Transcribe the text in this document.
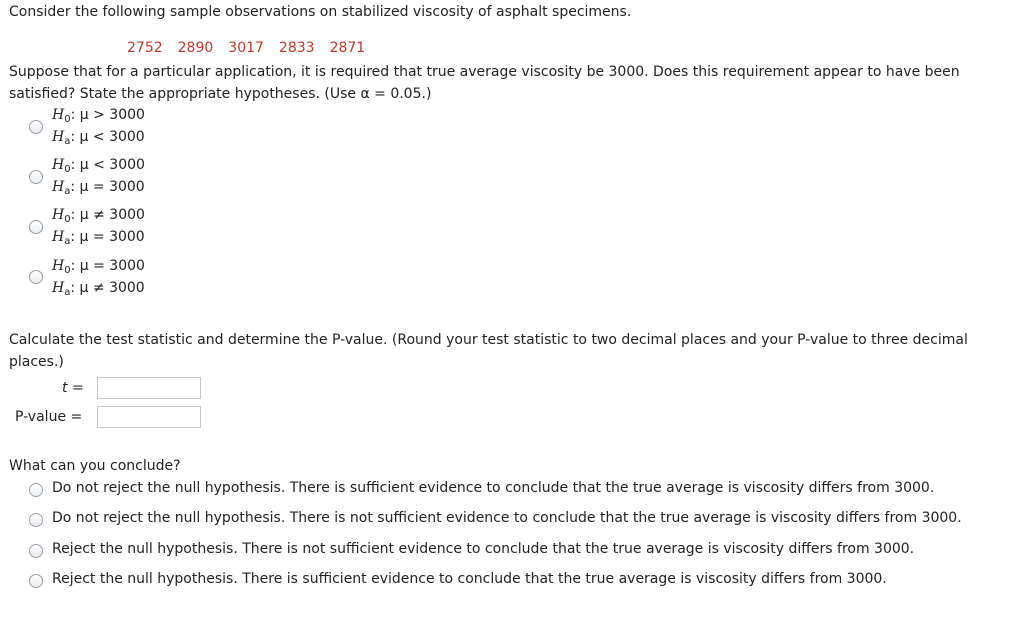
Consider the following sample observations on stabilized viscosity of asphalt specimens.
2752 2890 3017 2833 2871
Suppose that for a particular application, it is required that true average viscosity be 3000. Does this requirement appear to have been
satisfied? State the appropriate hypotheses. (Use α = 0.05.)
$H_0$: μ > 3000
$H_a$: μ < 3000
$H_0$: μ < 3000
$H_a$: μ = 3000
$H_0$: μ ≠ 3000
$H_a$: μ = 3000
$H_0$: μ = 3000
$H_a$: μ ≠ 3000
Calculate the test statistic and determine the P-value. (Round your test statistic to two decimal places and your P-value to three decimal
places.)
t =
P-value =
What can you conclude?
Do not reject the null hypothesis. There is sufficient evidence to conclude that the true average is viscosity differs from 3000.
Do not reject the null hypothesis. There is not sufficient evidence to conclude that the true average is viscosity differs from 3000.
Reject the null hypothesis. There is not sufficient evidence to conclude that the true average is viscosity differs from 3000.
Reject the null hypothesis. There is sufficient evidence to conclude that the true average is viscosity differs from 3000.
